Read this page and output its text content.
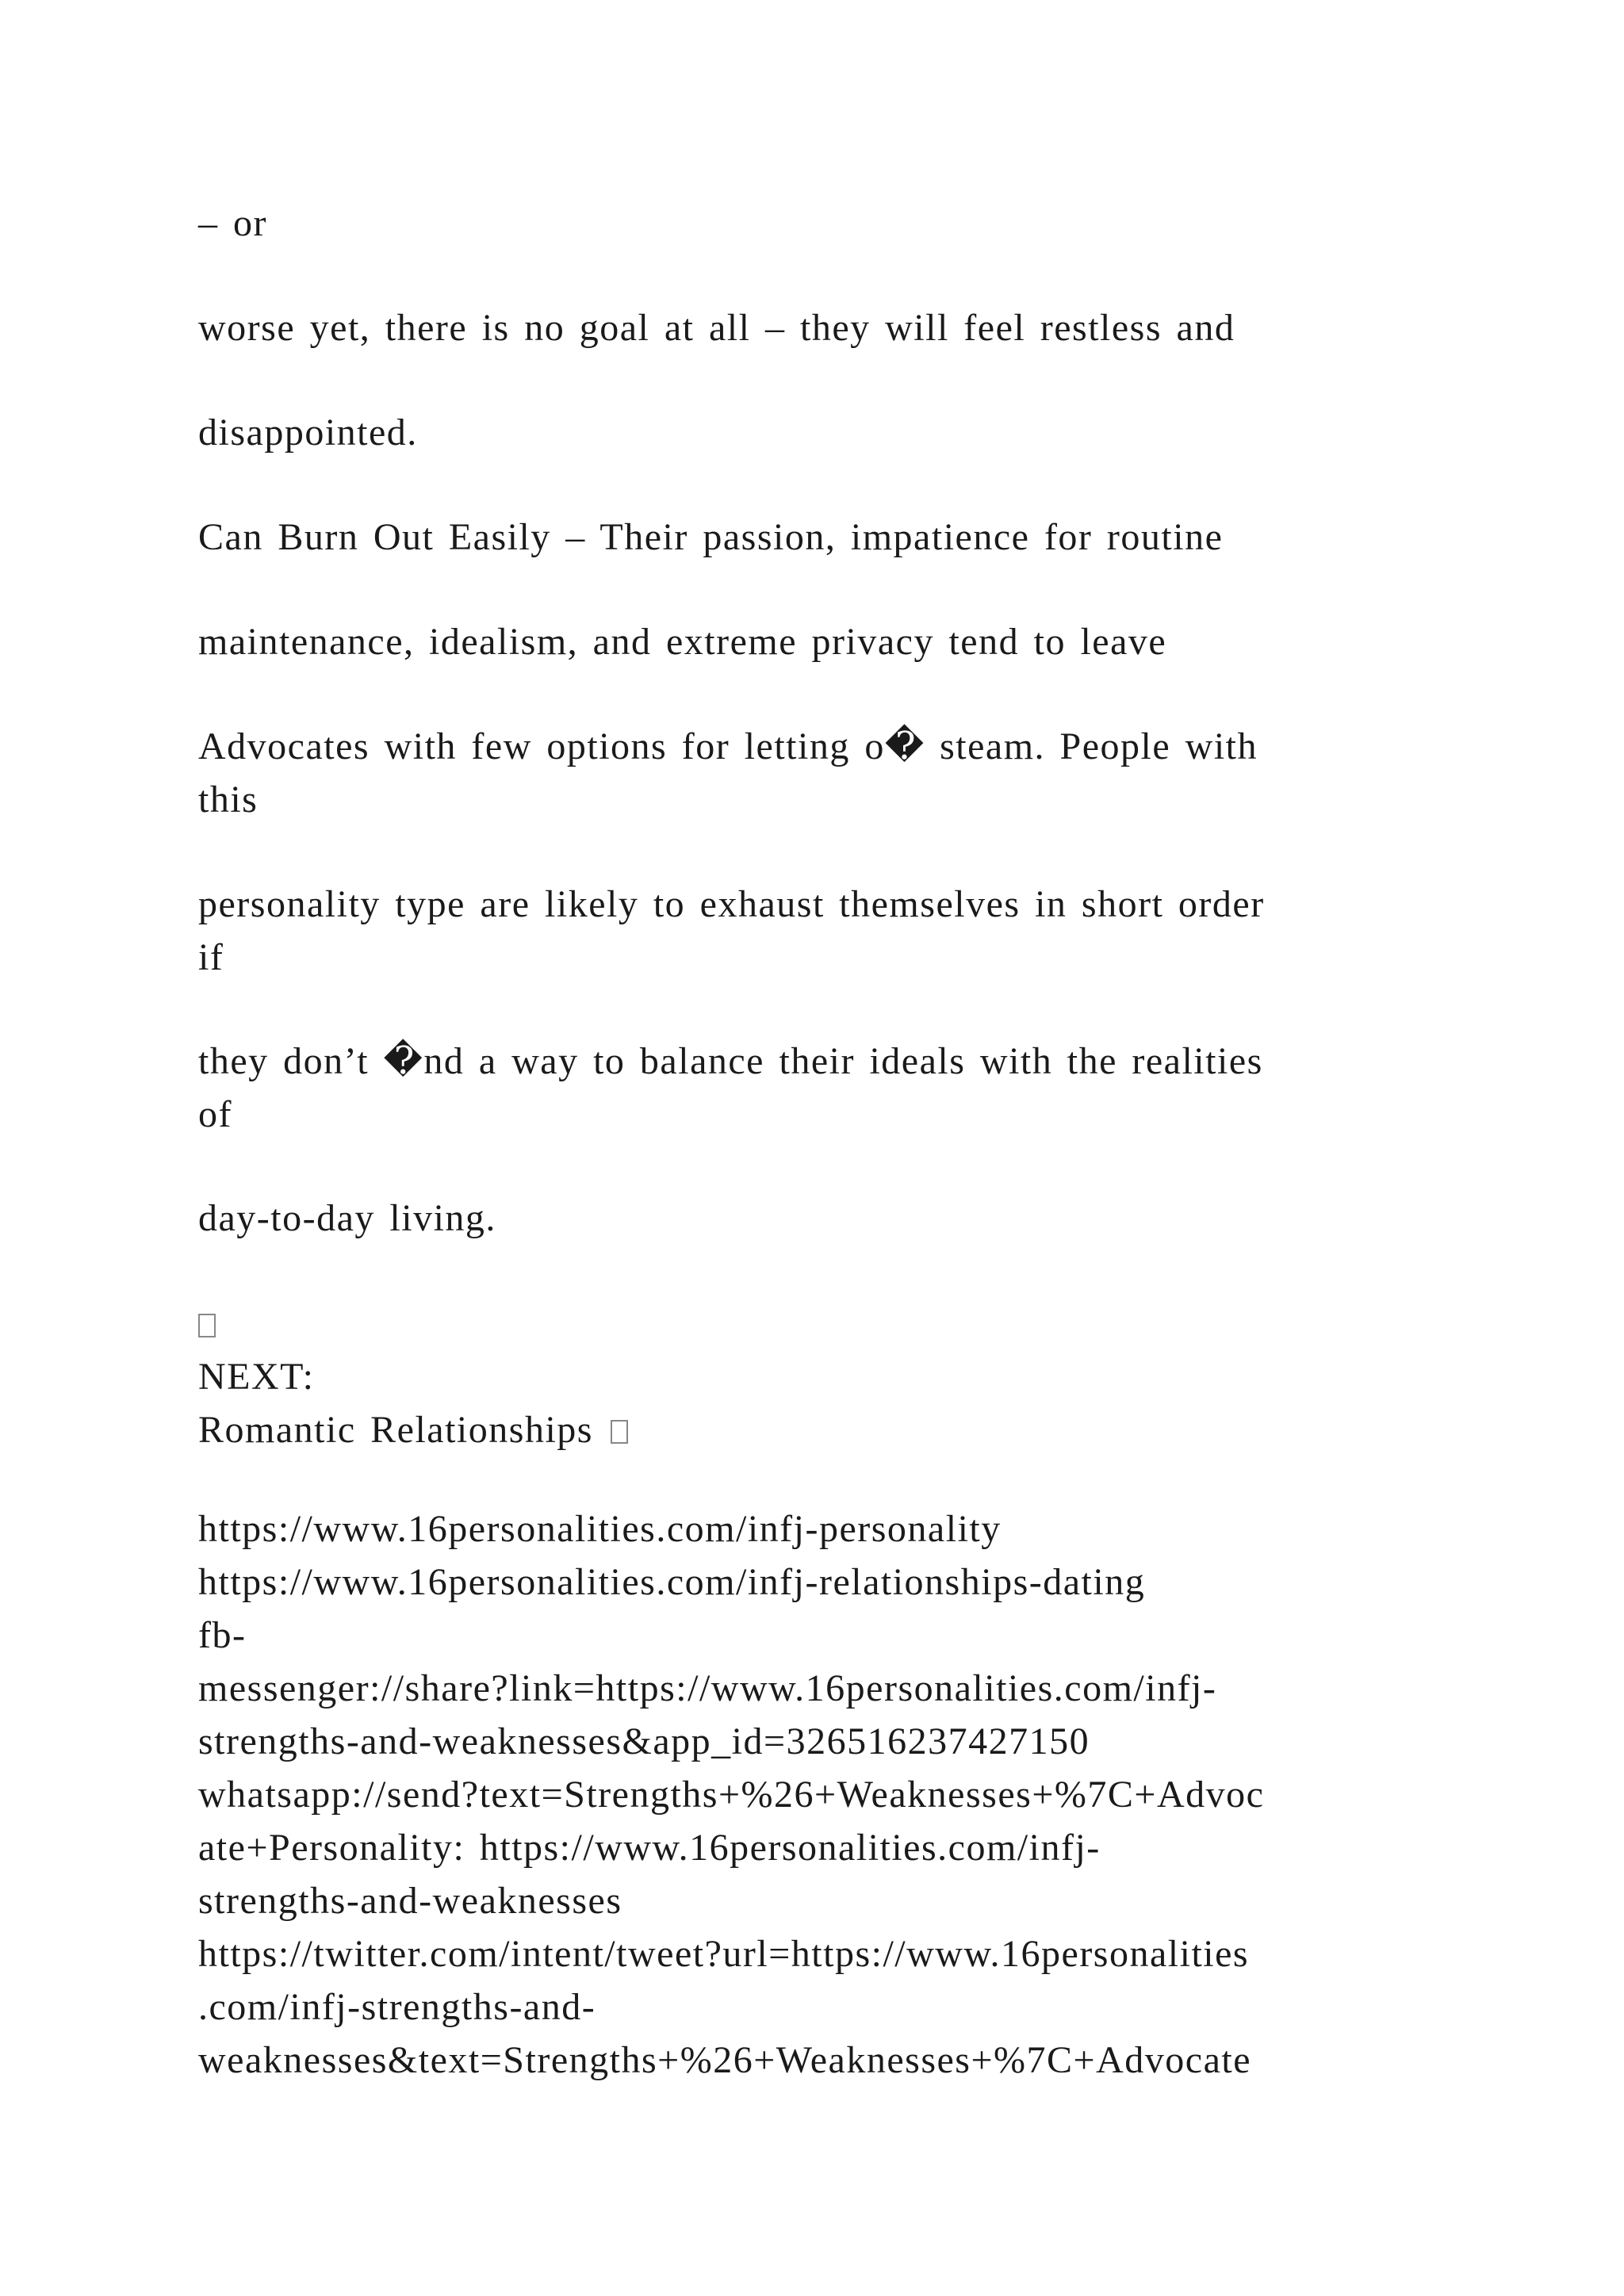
– or
worse yet, there is no goal at all – they will feel restless and
disappointed.
Can Burn Out Easily – Their passion, impatience for routine
maintenance, idealism, and extreme privacy tend to leave
Advocates with few options for letting o� steam. People with
this
personality type are likely to exhaust themselves in short order
if
they don’t �nd a way to balance their ideals with the realities
of
day-to-day living.
NEXT:
Romantic Relationships
https://www.16personalities.com/infj-personality
https://www.16personalities.com/infj-relationships-dating
fb-
messenger://share?link=https://www.16personalities.com/infj-
strengths-and-weaknesses&app_id=326516237427150
whatsapp://send?text=Strengths+%26+Weaknesses+%7C+Advoc
ate+Personality: https://www.16personalities.com/infj-
strengths-and-weaknesses
https://twitter.com/intent/tweet?url=https://www.16personalities
.com/infj-strengths-and-
weaknesses&text=Strengths+%26+Weaknesses+%7C+Advocate
